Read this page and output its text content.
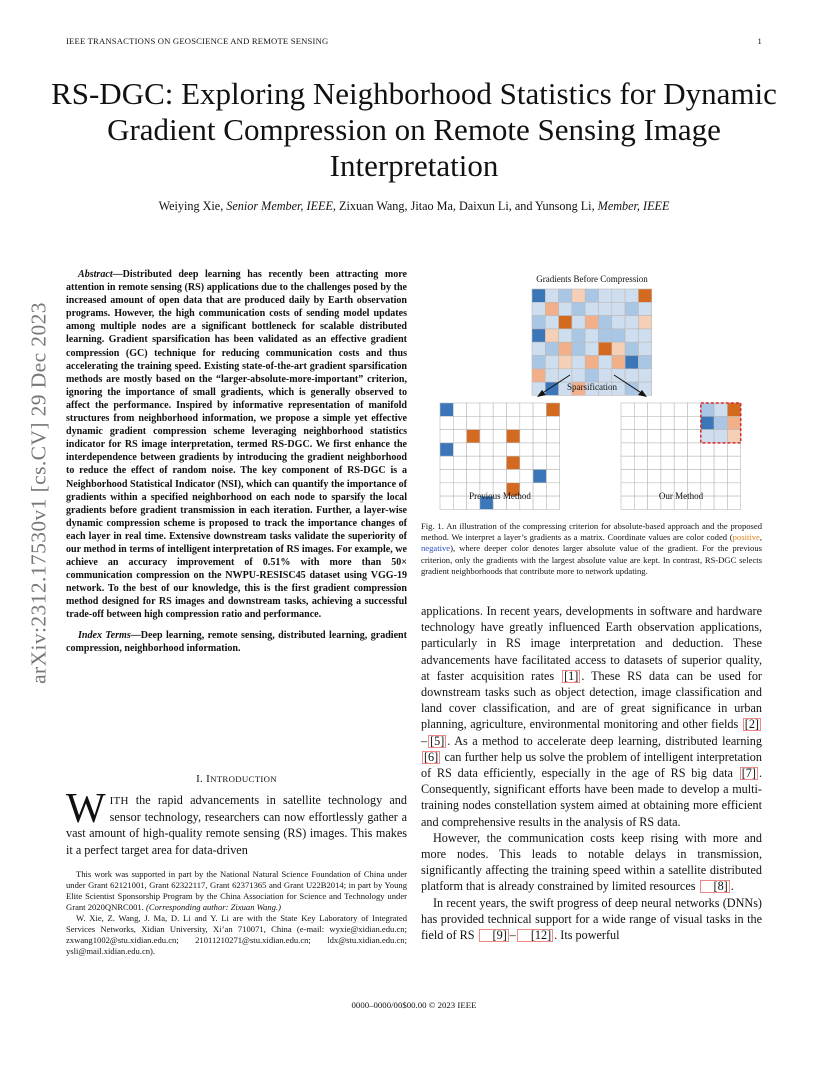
IEEE TRANSACTIONS ON GEOSCIENCE AND REMOTE SENSING	1
RS-DGC: Exploring Neighborhood Statistics for Dynamic Gradient Compression on Remote Sensing Image Interpretation
Weiying Xie, Senior Member, IEEE, Zixuan Wang, Jitao Ma, Daixun Li, and Yunsong Li, Member, IEEE
arXiv:2312.17530v1 [cs.CV] 29 Dec 2023

Abstract—Distributed deep learning has recently been attracting more attention in remote sensing (RS) applications due to the challenges posed by the increased amount of open data that are produced daily by Earth observation programs. However, the high communication costs of sending model updates among multiple nodes are a significant bottleneck for scalable distributed learning. Gradient sparsification has been validated as an effective gradient compression (GC) technique for reducing communication costs and thus accelerating the training speed. Existing state-of-the-art gradient sparsification methods are mostly based on the “larger-absolute-more-important” criterion, ignoring the importance of small gradients, which is generally observed to affect the performance. Inspired by informative representation of manifold structures from neighborhood information, we propose a simple yet effective dynamic gradient compression scheme leveraging neighborhood statistics indicator for RS image interpretation, termed RS-DGC. We first enhance the interdependence between gradients by introducing the gradient neighborhood to reduce the effect of random noise. The key component of RS-DGC is a Neighborhood Statistical Indicator (NSI), which can quantify the importance of gradients within a specified neighborhood on each node to sparsify the local gradients before gradient transmission in each iteration. Further, a layer-wise dynamic compression scheme is proposed to track the importance changes of each layer in real time. Extensive downstream tasks validate the superiority of our method in terms of intelligent interpretation of RS images. For example, we achieve an accuracy improvement of 0.51% with more than 50× communication compression on the NWPU-RESISC45 dataset using VGG-19 network. To the best of our knowledge, this is the first gradient compression method designed for RS images and downstream tasks, achieving a successful trade-off between high compression ratio and performance.

Index Terms—Deep learning, remote sensing, distributed learning, gradient compression, neighborhood information.

I. INTRODUCTION
WITH the rapid advancements in satellite technology and sensor technology, researchers can now effortlessly gather a vast amount of high-quality remote sensing (RS) images. This makes it a perfect target area for data-driven

This work was supported in part by the National Natural Science Foundation of China under under Grant 62121001, Grant 62322117, Grant 62371365 and Grant U22B2014; in part by Young Elite Scientist Sponsorship Program by the China Association for Science and Technology under Grant 2020QNRC001. (Corresponding author: Zixuan Wang.)

W. Xie, Z. Wang, J. Ma, D. Li and Y. Li are with the State Key Laboratory of Integrated Services Networks, Xidian University, Xi’an 710071, China (e-mail: wyxie@xidian.edu.cn; zxwang1002@stu.xidian.edu.cn; 21011210271@stu.xidian.edu.cn; ldx@stu.xidian.edu.cn; ysli@mail.xidian.edu.cn).

Gradients Before Compression
Sparsification
Previous Method	Our Method
Fig. 1. An illustration of the compressing criterion for absolute-based approach and the proposed method. We interpret a layer’s gradients as a matrix. Coordinate values are color coded (positive, negative), where deeper color denotes larger absolute value of the gradient. For the previous criterion, only the gradients with the largest absolute value are kept. In contrast, RS-DGC selects gradient neighborhoods that contribute more to network updating.

applications. In recent years, developments in software and hardware technology have greatly influenced Earth observation applications, particularly in RS image interpretation and deduction. These advancements have facilitated access to datasets of superior quality, at faster acquisition rates [1] . These RS data can be used for downstream tasks such as object detection, image classification and land cover classification, and are of great significance in urban planning, agriculture, environmental monitoring and other fields [2]– [5] . As a method to accelerate deep learning, distributed learning [6] can further help us solve the problem of intelligent interpretation of RS data efficiently, especially in the age of RS big data [7] . Consequently, significant efforts have been made to develop a multi-training nodes constellation system aimed at obtaining more efficient and comprehensive results in the analysis of RS data.

However, the communication costs keep rising with more and more nodes. This leads to notable delays in transmission, significantly affecting the training speed within a satellite distributed platform that is already constrained by limited resources [8] .

In recent years, the swift progress of deep neural networks (DNNs) has provided technical support for a wide range of visual tasks in the field of RS [9] – [12] . Its powerful

0000–0000/00$00.00 © 2023 IEEE
